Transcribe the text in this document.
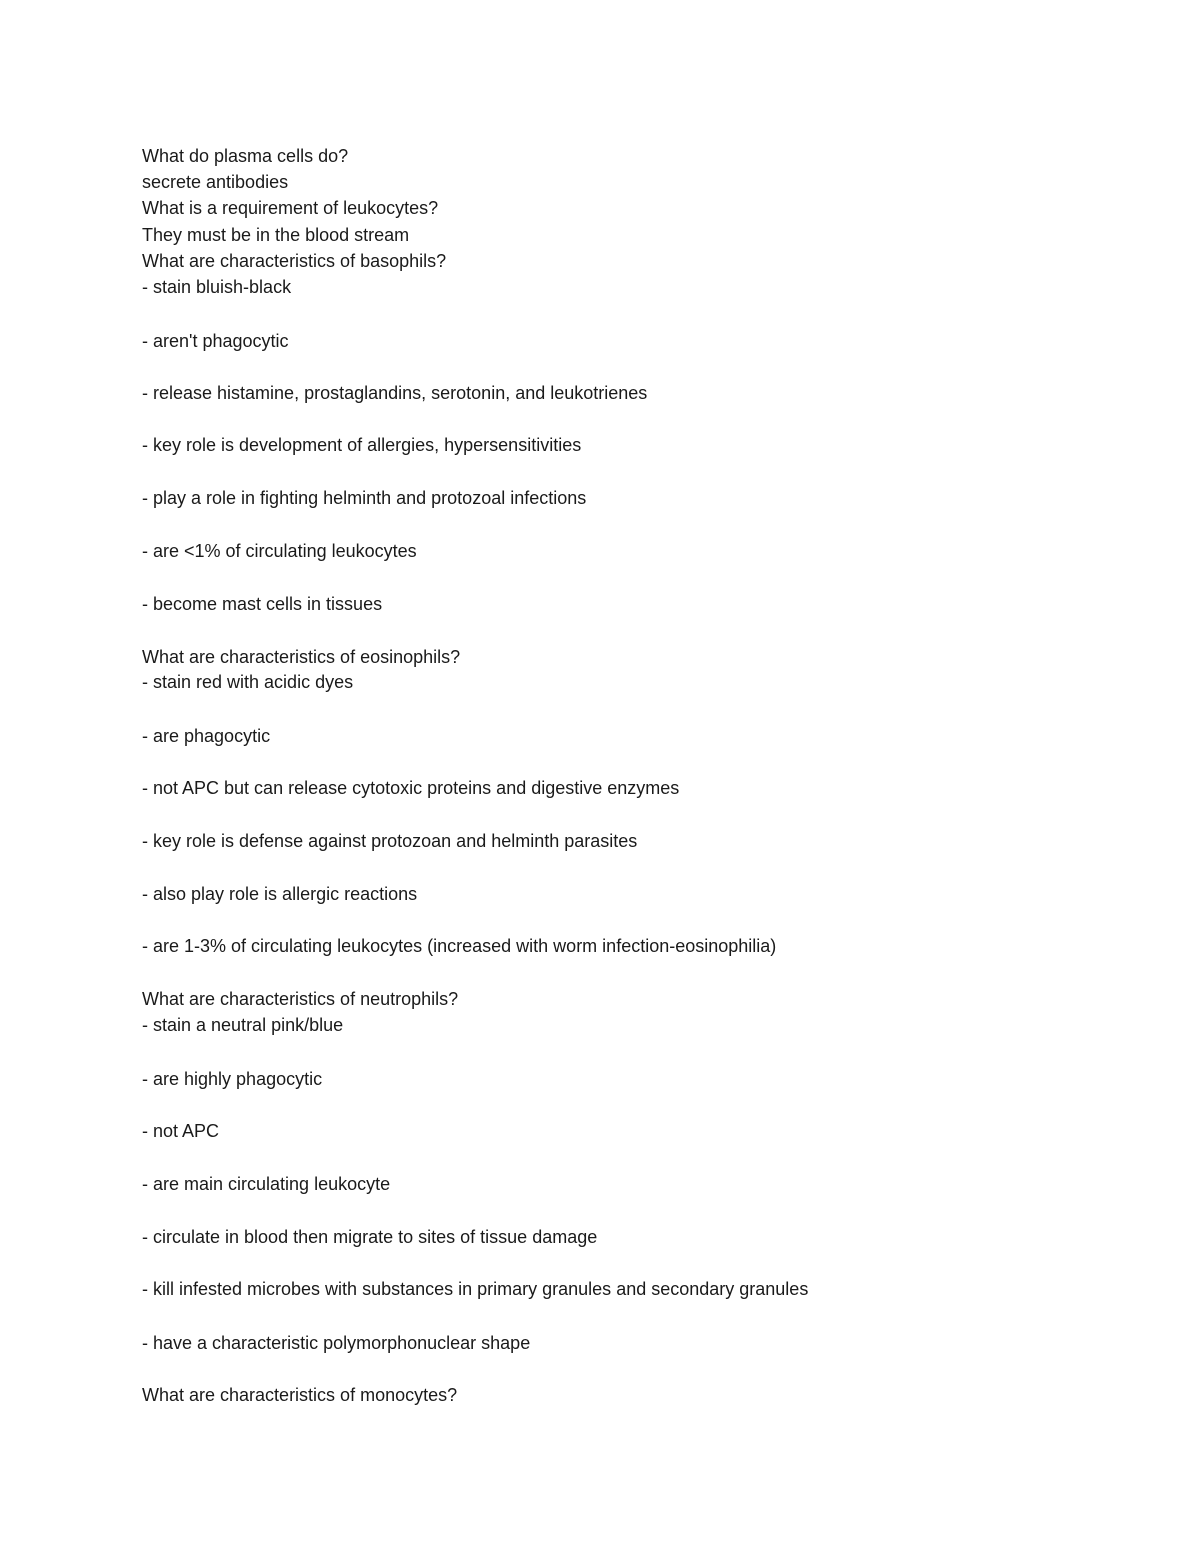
What do plasma cells do?
secrete antibodies
What is a requirement of leukocytes?
They must be in the blood stream
What are characteristics of basophils?
- stain bluish-black
- aren't phagocytic
- release histamine, prostaglandins, serotonin, and leukotrienes
- key role is development of allergies, hypersensitivities
- play a role in fighting helminth and protozoal infections
- are <1% of circulating leukocytes
- become mast cells in tissues
What are characteristics of eosinophils?
- stain red with acidic dyes
- are phagocytic
- not APC but can release cytotoxic proteins and digestive enzymes
- key role is defense against protozoan and helminth parasites
- also play role is allergic reactions
- are 1-3% of circulating leukocytes (increased with worm infection-eosinophilia)
What are characteristics of neutrophils?
- stain a neutral pink/blue
- are highly phagocytic
- not APC
- are main circulating leukocyte
- circulate in blood then migrate to sites of tissue damage
- kill infested microbes with substances in primary granules and secondary granules
- have a characteristic polymorphonuclear shape
What are characteristics of monocytes?
